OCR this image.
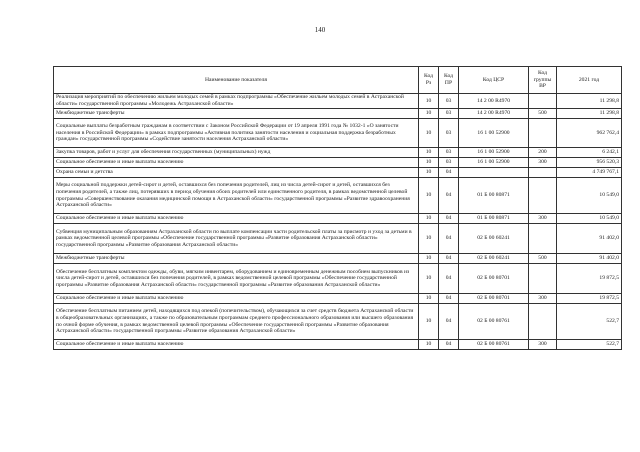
140
Наименование показателя	Код Рз	Код ПР	Код ЦСР	Код группы ВР	2021 год
Реализация мероприятий по обеспечению жильем молодых семей в рамках подпрограммы «Обеспечение жильем молодых семей в Астраханской области» государственной программы «Молодежь Астраханской области»	10	03	14 2 00 R4970		11 298,8
Межбюджетные трансферты	10	03	14 2 00 R4970	500	11 298,8
Социальные выплаты безработным гражданам в соответствии с Законом Российской Федерации от 19 апреля 1991 года № 1032-1 «О занятости населения в Российской Федерации» в рамках подпрограммы «Активная политика занятости населения и социальная поддержка безработных граждан» государственной программы «Содействие занятости населения Астраханской области»	10	03	16 1 00 52900		962 762,4
Закупка товаров, работ и услуг для обеспечения государственных (муниципальных) нужд	10	03	16 1 00 52900	200	6 242,1
Социальное обеспечение и иные выплаты населению	10	03	16 1 00 52900	300	956 520,3
Охрана семьи и детства	10	04			4 749 767,1
Меры социальной поддержки детей-сирот и детей, оставшихся без попечения родителей, лиц из числа детей-сирот и детей, оставшихся без попечения родителей, а также лиц, потерявших в период обучения обоих родителей или единственного родителя, в рамках ведомственной целевой программы «Совершенствование оказания медицинской помощи в Астраханской области» государственной программы «Развитие здравоохранения Астраханской области»	10	04	01 Б 00 80871		10 549,0
Социальное обеспечение и иные выплаты населению	10	04	01 Б 00 80871	300	10 549,0
Субвенция муниципальным образованиям Астраханской области по выплате компенсации части родительской платы за присмотр и уход за детьми в рамках ведомственной целевой программы «Обеспечение государственной программы «Развитие образования Астраханской области» государственной программы «Развитие образования Астраханской области»	10	04	02 Б 00 60241		91 402,0
Межбюджетные трансферты	10	04	02 Б 00 60241	500	91 402,0
Обеспечение бесплатным комплектом одежды, обуви, мягким инвентарем, оборудованием и единовременным денежным пособием выпускников из числа детей-сирот и детей, оставшихся без попечения родителей, в рамках ведомственной целевой программы «Обеспечение государственной программы «Развитие образования Астраханской области» государственной программы «Развитие образования Астраханской области»	10	04	02 Б 00 80701		19 872,5
Социальное обеспечение и иные выплаты населению	10	04	02 Б 00 80701	300	19 872,5
Обеспечение бесплатным питанием детей, находящихся под опекой (попечительством), обучающихся за счет средств бюджета Астраханской области в общеобразовательных организациях, а также по образовательным программам среднего профессионального образования или высшего образования по очной форме обучения, в рамках ведомственной целевой программы «Обеспечение государственной программы «Развитие образования Астраханской области» государственной программы «Развитие образования Астраханской области»	10	04	02 Б 00 80761		522,7
Социальное обеспечение и иные выплаты населению	10	04	02 Б 00 80761	300	522,7
